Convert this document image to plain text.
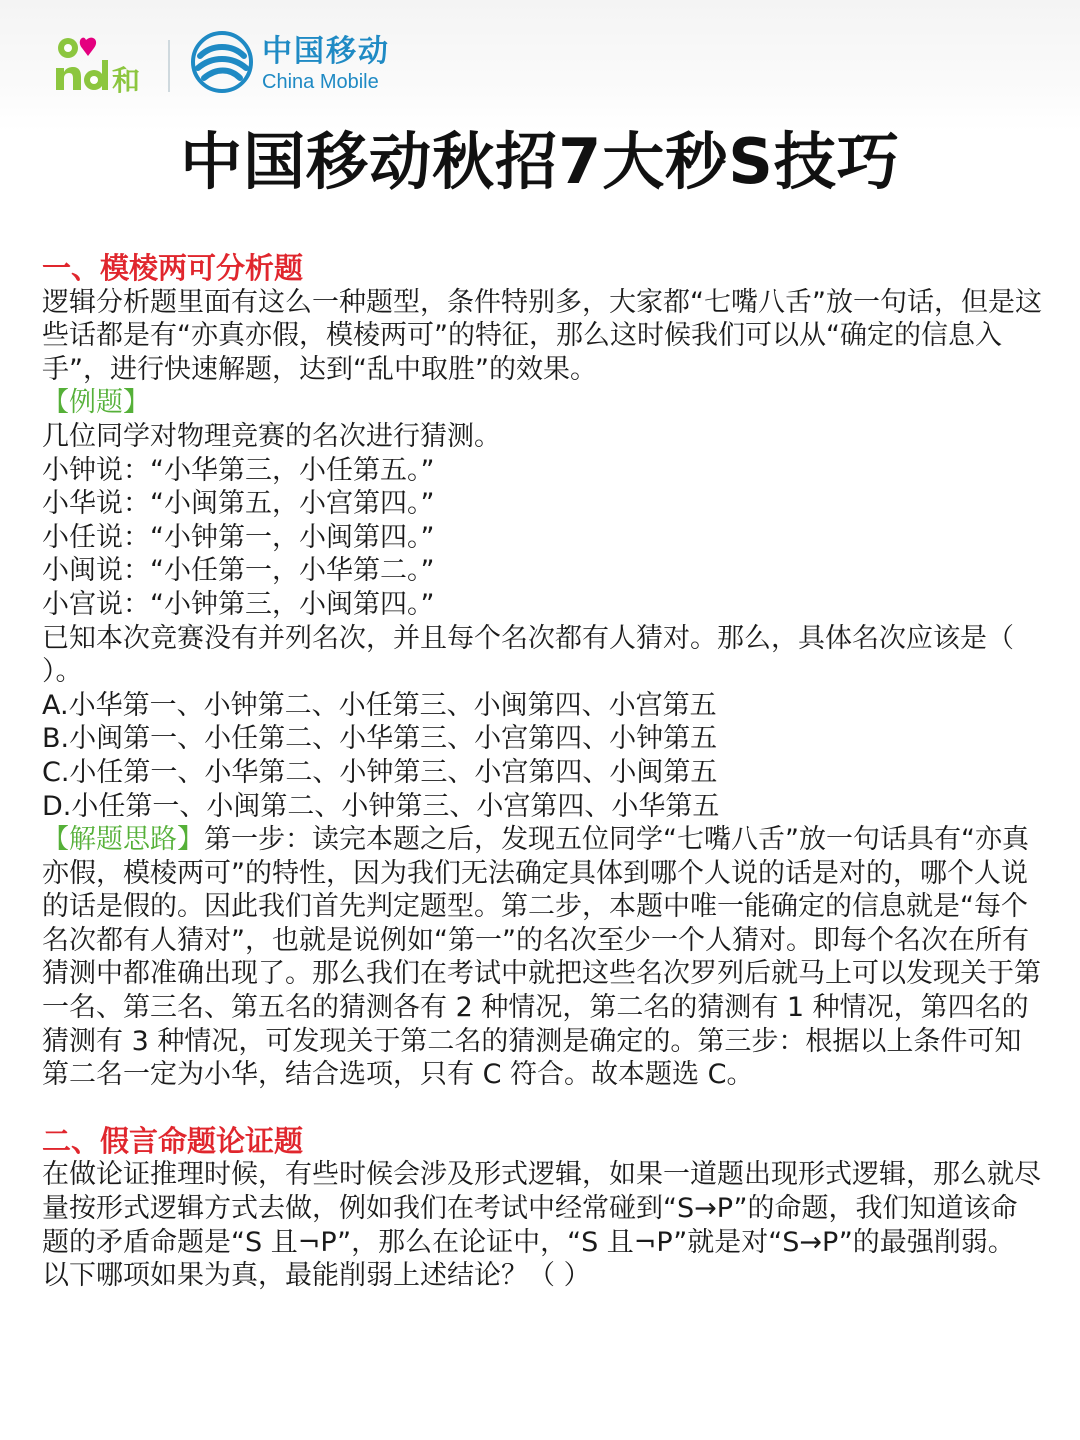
和
中国移动
China Mobile
中国移动秋招7大秒S技巧

一、模棱两可分析题

逻辑分析题里面有这么一种题型，条件特别多，大家都“七嘴八舌”放一句话，但是这些话都是有“亦真亦假，模棱两可”的特征，那么这时候我们可以从“确定的信息入手”，进行快速解题，达到“乱中取胜”的效果。

【例题】

几位同学对物理竞赛的名次进行猜测。

小钟说：“小华第三，小任第五。”

小华说：“小闽第五，小宫第四。”

小任说：“小钟第一，小闽第四。”

小闽说：“小任第一，小华第二。”

小宫说：“小钟第三，小闽第四。”

已知本次竞赛没有并列名次，并且每个名次都有人猜对。那么，具体名次应该是（ ）。

A.小华第一、小钟第二、小任第三、小闽第四、小宫第五

B.小闽第一、小任第二、小华第三、小宫第四、小钟第五

C.小任第一、小华第二、小钟第三、小宫第四、小闽第五

D.小任第一、小闽第二、小钟第三、小宫第四、小华第五

【解题思路】第一步：读完本题之后，发现五位同学“七嘴八舌”放一句话具有“亦真亦假，模棱两可”的特性，因为我们无法确定具体到哪个人说的话是对的，哪个人说的话是假的。因此我们首先判定题型。第二步，本题中唯一能确定的信息就是“每个名次都有人猜对”，也就是说例如“第一”的名次至少一个人猜对。即每个名次在所有猜测中都准确出现了。那么我们在考试中就把这些名次罗列后就马上可以发现关于第一名、第三名、第五名的猜测各有 2 种情况，第二名的猜测有 1 种情况，第四名的猜测有 3 种情况，可发现关于第二名的猜测是确定的。第三步：根据以上条件可知第二名一定为小华，结合选项，只有 C 符合。故本题选 C。

二、假言命题论证题

在做论证推理时候，有些时候会涉及形式逻辑，如果一道题出现形式逻辑，那么就尽量按形式逻辑方式去做，例如我们在考试中经常碰到“S→P”的命题，我们知道该命题的矛盾命题是“S 且¬P”，那么在论证中，“S 且¬P”就是对“S→P”的最强削弱。

以下哪项如果为真，最能削弱上述结论？（ ）
